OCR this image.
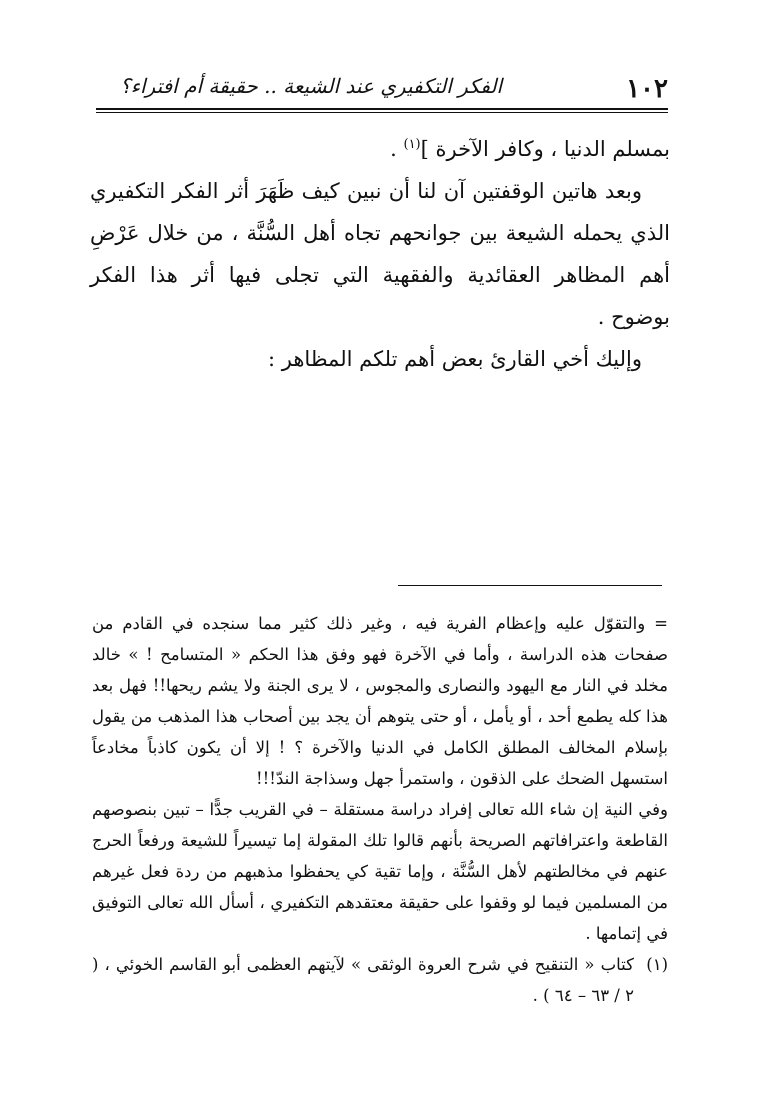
١٠٢
الفكر التكفيري عند الشيعة .. حقيقة أم افتراء؟

بمسلم الدنيا ، وكافر الآخرة ]$^{(١)}$ .

وبعد هاتين الوقفتين آن لنا أن نبين كيف ظَهَرَ أثر الفكر التكفيري الذي يحمله الشيعة بين جوانحهم تجاه أهل السُّنَّة ، من خلال عَرْضِ أهم المظاهر العقائدية والفقهية التي تجلى فيها أثر هذا الفكر بوضوح .

وإليك أخي القارئ بعض أهم تلكم المظاهر :

= والتقوّل عليه وإعظام الفرية فيه ، وغير ذلك كثير مما سنجده في القادم من صفحات هذه الدراسة ، وأما في الآخرة فهو وفق هذا الحكم « المتسامح ! » خالد مخلد في النار مع اليهود والنصارى والمجوس ، لا يرى الجنة ولا يشم ريحها!! فهل بعد هذا كله يطمع أحد ، أو يأمل ، أو حتى يتوهم أن يجد بين أصحاب هذا المذهب من يقول بإسلام المخالف المطلق الكامل في الدنيا والآخرة ؟ ! إلا أن يكون كاذباً مخادعاً استسهل الضحك على الذقون ، واستمرأ جهل وسذاجة الندّ!!!

وفي النية إن شاء الله تعالى إفراد دراسة مستقلة – في القريب جدًّا – تبين بنصوصهم القاطعة واعترافاتهم الصريحة بأنهم قالوا تلك المقولة إما تيسيراً للشيعة ورفعاً الحرج عنهم في مخالطتهم لأهل السُّنَّة ، وإما تقية كي يحفظوا مذهبهم من ردة فعل غيرهم من المسلمين فيما لو وقفوا على حقيقة معتقدهم التكفيري ، أسأل الله تعالى التوفيق في إتمامها .

(١)
كتاب « التنقيح في شرح العروة الوثقى » لآيتهم العظمى أبو القاسم الخوئي ، ( ٢ / ٦٣ – ٦٤ ) .
